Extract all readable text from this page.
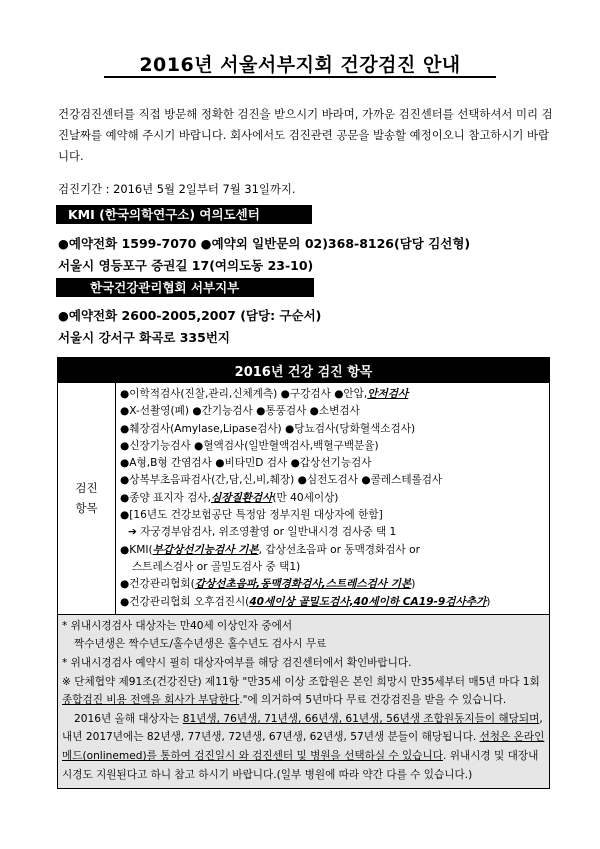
2016년 서울서부지회 건강검진 안내
건강검진센터를 직접 방문해 정확한 검진을 받으시기 바라며, 가까운 검진센터를 선택하셔서 미리 검진날짜를 예약해 주시기 바랍니다. 회사에서도 검진관련 공문을 발송할 예정이오니 참고하시기 바랍니다.
검진기간 : 2016년 5월 2일부터 7월 31일까지.
KMI (한국의학연구소) 여의도센터
●예약전화 1599-7070 ●예약외 일반문의 02)368-8126(담당 김선형)
서울시 영등포구 증권길 17(여의도동 23-10)
한국건강관리협회 서부지부
●예약전화 2600-2005,2007 (담당: 구순서)
서울시 강서구 화곡로 335번지
2016년 건강 검진 항목

검진
항목

●이학적검사(진찰,관리,신체계측) ●구강검사 ●안압,안저검사
●X-선촬영(폐) ●간기능검사 ●통풍검사 ●소변검사
●췌장검사(Amylase,Lipase검사) ●당뇨검사(당화혈색소검사)
●신장기능검사 ●혈액검사(일반혈액검사,백혈구백분율)
●A형,B형 간염검사 ●비타민D 검사 ●갑상선기능검사
●상복부초음파검사(간,담,신,비,췌장) ●심전도검사 ●콜레스테롤검사
●종양 표지자 검사,심장질환검사(만 40세이상)
●[16년도 건강보험공단 특정암 정부지원 대상자에 한함]
➔ 자궁경부암검사, 위조영촬영 or 일반내시경 검사중 택 1
●KMI(부갑상선기능검사 기본, 갑상선초음파 or 동맥경화검사 or
스트레스검사 or 골밀도검사 중 택1)
●건강관리협회(갑상선초음파,동맥경화검사,스트레스검사 기본)
●건강관리협회 오후검진시(40세이상 골밀도검사,40세이하 CA19-9검사추가)

* 위내시경검사 대상자는 만40세 이상인자 중에서
짝수년생은 짝수년도/홀수년생은 홀수년도 검사시 무료
* 위내시경검사 예약시 필히 대상자여부를 해당 검진센터에서 확인바랍니다.
※ 단체협약 제91조(건강진단) 제11항 "만35세 이상 조합원은 본인 희망시 만35세부터 매5년 마다 1회 종합검진 비용 전액을 회사가 부담한다."에 의거하여 5년마다 무료 건강검진을 받을 수 있습니다.
2016년 올해 대상자는 81년생, 76년생, 71년생, 66년생, 61년생, 56년생 조합원동지들이 해당되며, 내년 2017년에는 82년생, 77년생, 72년생, 67년생, 62년생, 57년생 분들이 해당됩니다. 선청은 온라인메드(onlinemed)를 통하여 검진일시 와 검진센터 및 병원을 선택하실 수 있습니다. 위내시경 및 대장내시경도 지원된다고 하니 참고 하시기 바랍니다.(일부 병원에 따라 약간 다를 수 있습니다.)
